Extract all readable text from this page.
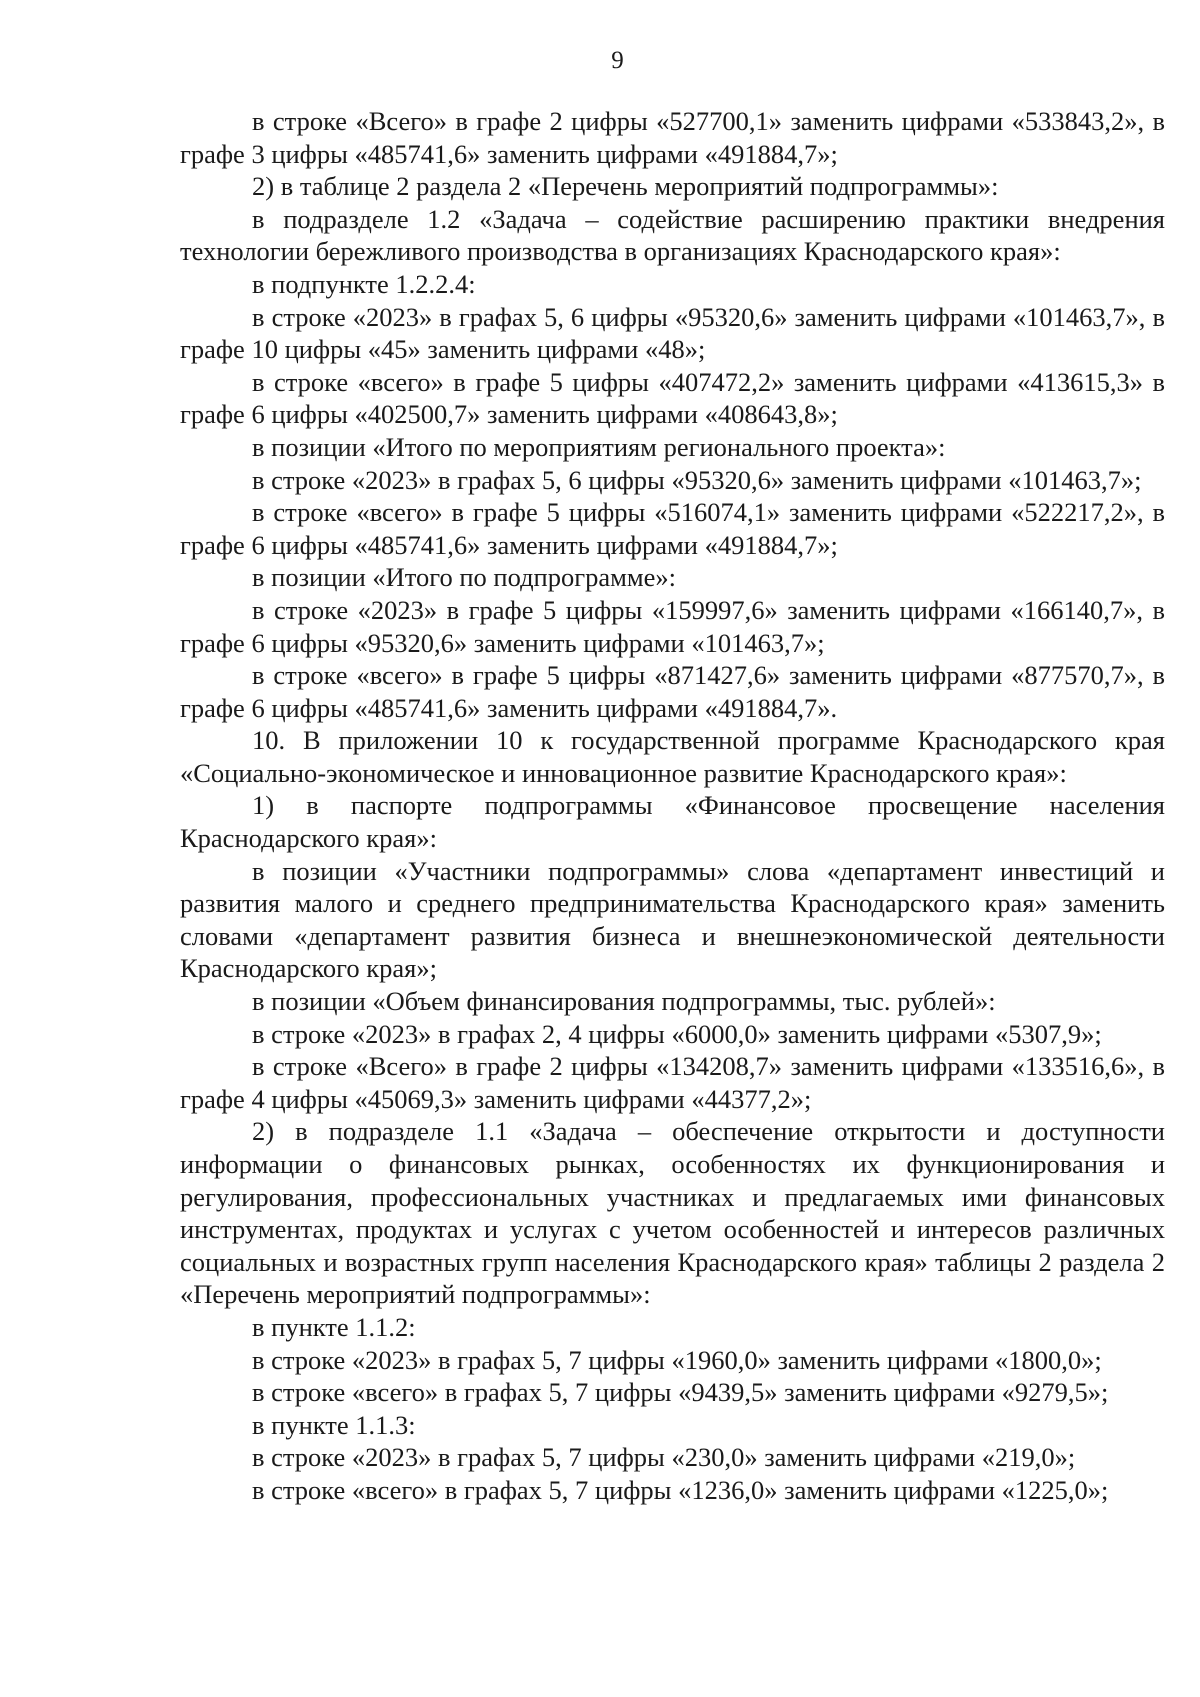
9

в строке «Всего» в графе 2 цифры «527700,1» заменить цифрами «533843,2», в графе 3 цифры «485741,6» заменить цифрами «491884,7»;

2) в таблице 2 раздела 2 «Перечень мероприятий подпрограммы»:

в подразделе 1.2 «Задача – содействие расширению практики внедрения технологии бережливого производства в организациях Краснодарского края»:

в подпункте 1.2.2.4:

в строке «2023» в графах 5, 6 цифры «95320,6» заменить цифрами «101463,7», в графе 10 цифры «45» заменить цифрами «48»;

в строке «всего» в графе 5 цифры «407472,2» заменить цифрами «413615,3» в графе 6 цифры «402500,7» заменить цифрами «408643,8»;

в позиции «Итого по мероприятиям регионального проекта»:

в строке «2023» в графах 5, 6 цифры «95320,6» заменить цифрами «101463,7»;

в строке «всего» в графе 5 цифры «516074,1» заменить цифрами «522217,2», в графе 6 цифры «485741,6» заменить цифрами «491884,7»;

в позиции «Итого по подпрограмме»:

в строке «2023» в графе 5 цифры «159997,6» заменить цифрами «166140,7», в графе 6 цифры «95320,6» заменить цифрами «101463,7»;

в строке «всего» в графе 5 цифры «871427,6» заменить цифрами «877570,7», в графе 6 цифры «485741,6» заменить цифрами «491884,7».

10. В приложении 10 к государственной программе Краснодарского края «Социально-экономическое и инновационное развитие Краснодарского края»:

1) в паспорте подпрограммы «Финансовое просвещение населения Краснодарского края»:

в позиции «Участники подпрограммы» слова «департамент инвестиций и развития малого и среднего предпринимательства Краснодарского края» заменить словами «департамент развития бизнеса и внешнеэкономической деятельности Краснодарского края»;

в позиции «Объем финансирования подпрограммы, тыс. рублей»:

в строке «2023» в графах 2, 4 цифры «6000,0» заменить цифрами «5307,9»;

в строке «Всего» в графе 2 цифры «134208,7» заменить цифрами «133516,6», в графе 4 цифры «45069,3» заменить цифрами «44377,2»;

2) в подразделе 1.1 «Задача – обеспечение открытости и доступности информации о финансовых рынках, особенностях их функционирования и регулирования, профессиональных участниках и предлагаемых ими финансовых инструментах, продуктах и услугах с учетом особенностей и интересов различных социальных и возрастных групп населения Краснодарского края» таблицы 2 раздела 2 «Перечень мероприятий подпрограммы»:

в пункте 1.1.2:

в строке «2023» в графах 5, 7 цифры «1960,0» заменить цифрами «1800,0»;

в строке «всего» в графах 5, 7 цифры «9439,5» заменить цифрами «9279,5»;

в пункте 1.1.3:

в строке «2023» в графах 5, 7 цифры «230,0» заменить цифрами «219,0»;

в строке «всего» в графах 5, 7 цифры «1236,0» заменить цифрами «1225,0»;
